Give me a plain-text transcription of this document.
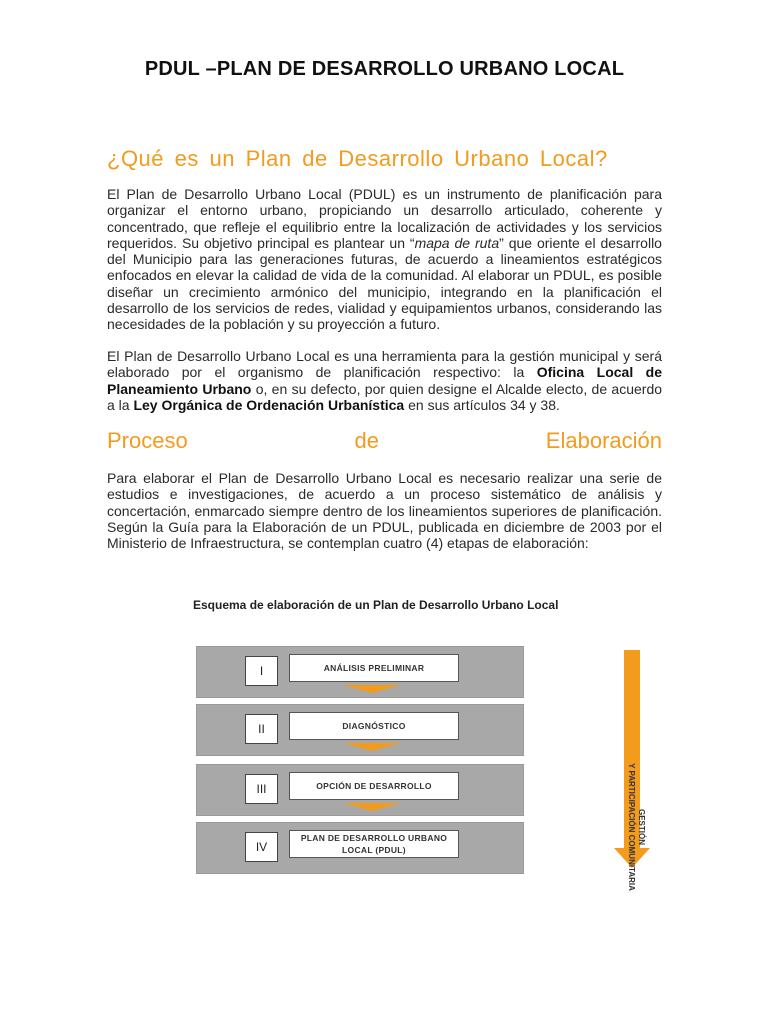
PDUL –PLAN DE DESARROLLO URBANO LOCAL
¿Qué es un Plan de Desarrollo Urbano Local?
El Plan de Desarrollo Urbano Local (PDUL) es un instrumento de planificación para organizar el entorno urbano, propiciando un desarrollo articulado, coherente y concentrado, que refleje el equilibrio entre la localización de actividades y los servicios requeridos. Su objetivo principal es plantear un “mapa de ruta” que oriente el desarrollo del Municipio para las generaciones futuras, de acuerdo a lineamientos estratégicos enfocados en elevar la calidad de vida de la comunidad. Al elaborar un PDUL, es posible diseñar un crecimiento armónico del municipio, integrando en la planificación el desarrollo de los servicios de redes, vialidad y equipamientos urbanos, considerando las necesidades de la población y su proyección a futuro.
El Plan de Desarrollo Urbano Local es una herramienta para la gestión municipal y será elaborado por el organismo de planificación respectivo: la Oficina Local de Planeamiento Urbano o, en su defecto, por quien designe el Alcalde electo, de acuerdo a la Ley Orgánica de Ordenación Urbanística en sus artículos 34 y 38.
Proceso	de	Elaboración
Para elaborar el Plan de Desarrollo Urbano Local es necesario realizar una serie de estudios e investigaciones, de acuerdo a un proceso sistemático de análisis y concertación, enmarcado siempre dentro de los lineamientos superiores de planificación. Según la Guía para la Elaboración de un PDUL, publicada en diciembre de 2003 por el Ministerio de Infraestructura, se contemplan cuatro (4) etapas de elaboración:
Esquema de elaboración de un Plan de Desarrollo Urbano Local
I	ANÁLISIS PRELIMINAR
II	DIAGNÓSTICO
III	OPCIÓN DE DESARROLLO
IV
PLAN DE DESARROLLO URBANO
LOCAL (PDUL)
GESTIÓN
Y PARTICIPACIÓN COMUNITARIA
